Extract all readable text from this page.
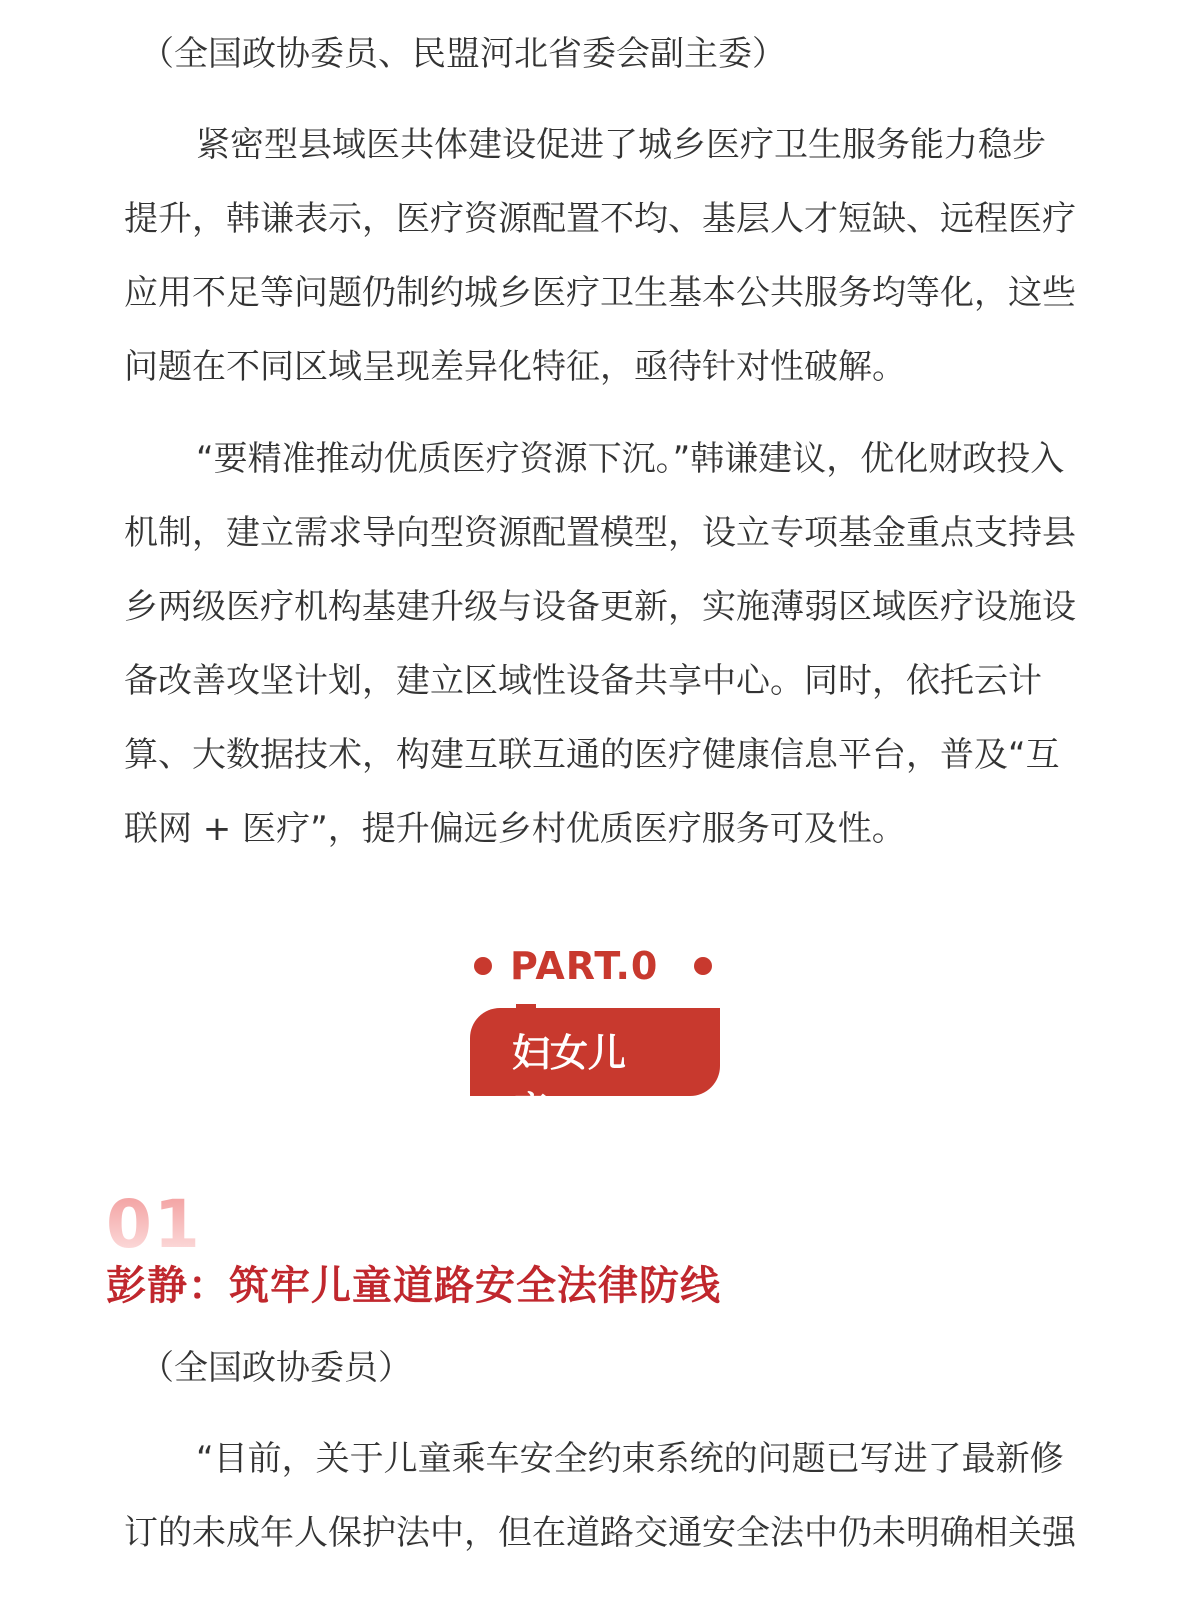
（全国政协委员、民盟河北省委会副主委）

紧密型县域医共体建设促进了城乡医疗卫生服务能力稳步
提升，韩谦表示，医疗资源配置不均、基层人才短缺、远程医疗
应用不足等问题仍制约城乡医疗卫生基本公共服务均等化，这些
问题在不同区域呈现差异化特征，亟待针对性破解。

“要精准推动优质医疗资源下沉。”韩谦建议，优化财政投入
机制，建立需求导向型资源配置模型，设立专项基金重点支持县
乡两级医疗机构基建升级与设备更新，实施薄弱区域医疗设施设
备改善攻坚计划，建立区域性设备共享中心。同时，依托云计
算、大数据技术，构建互联互通的医疗健康信息平台，普及“互
联网 + 医疗”，提升偏远乡村优质医疗服务可及性。

PART.0
妇女儿童
01
彭静：筑牢儿童道路安全法律防线
（全国政协委员）

“目前，关于儿童乘车安全约束系统的问题已写进了最新修
订的未成年人保护法中，但在道路交通安全法中仍未明确相关强
